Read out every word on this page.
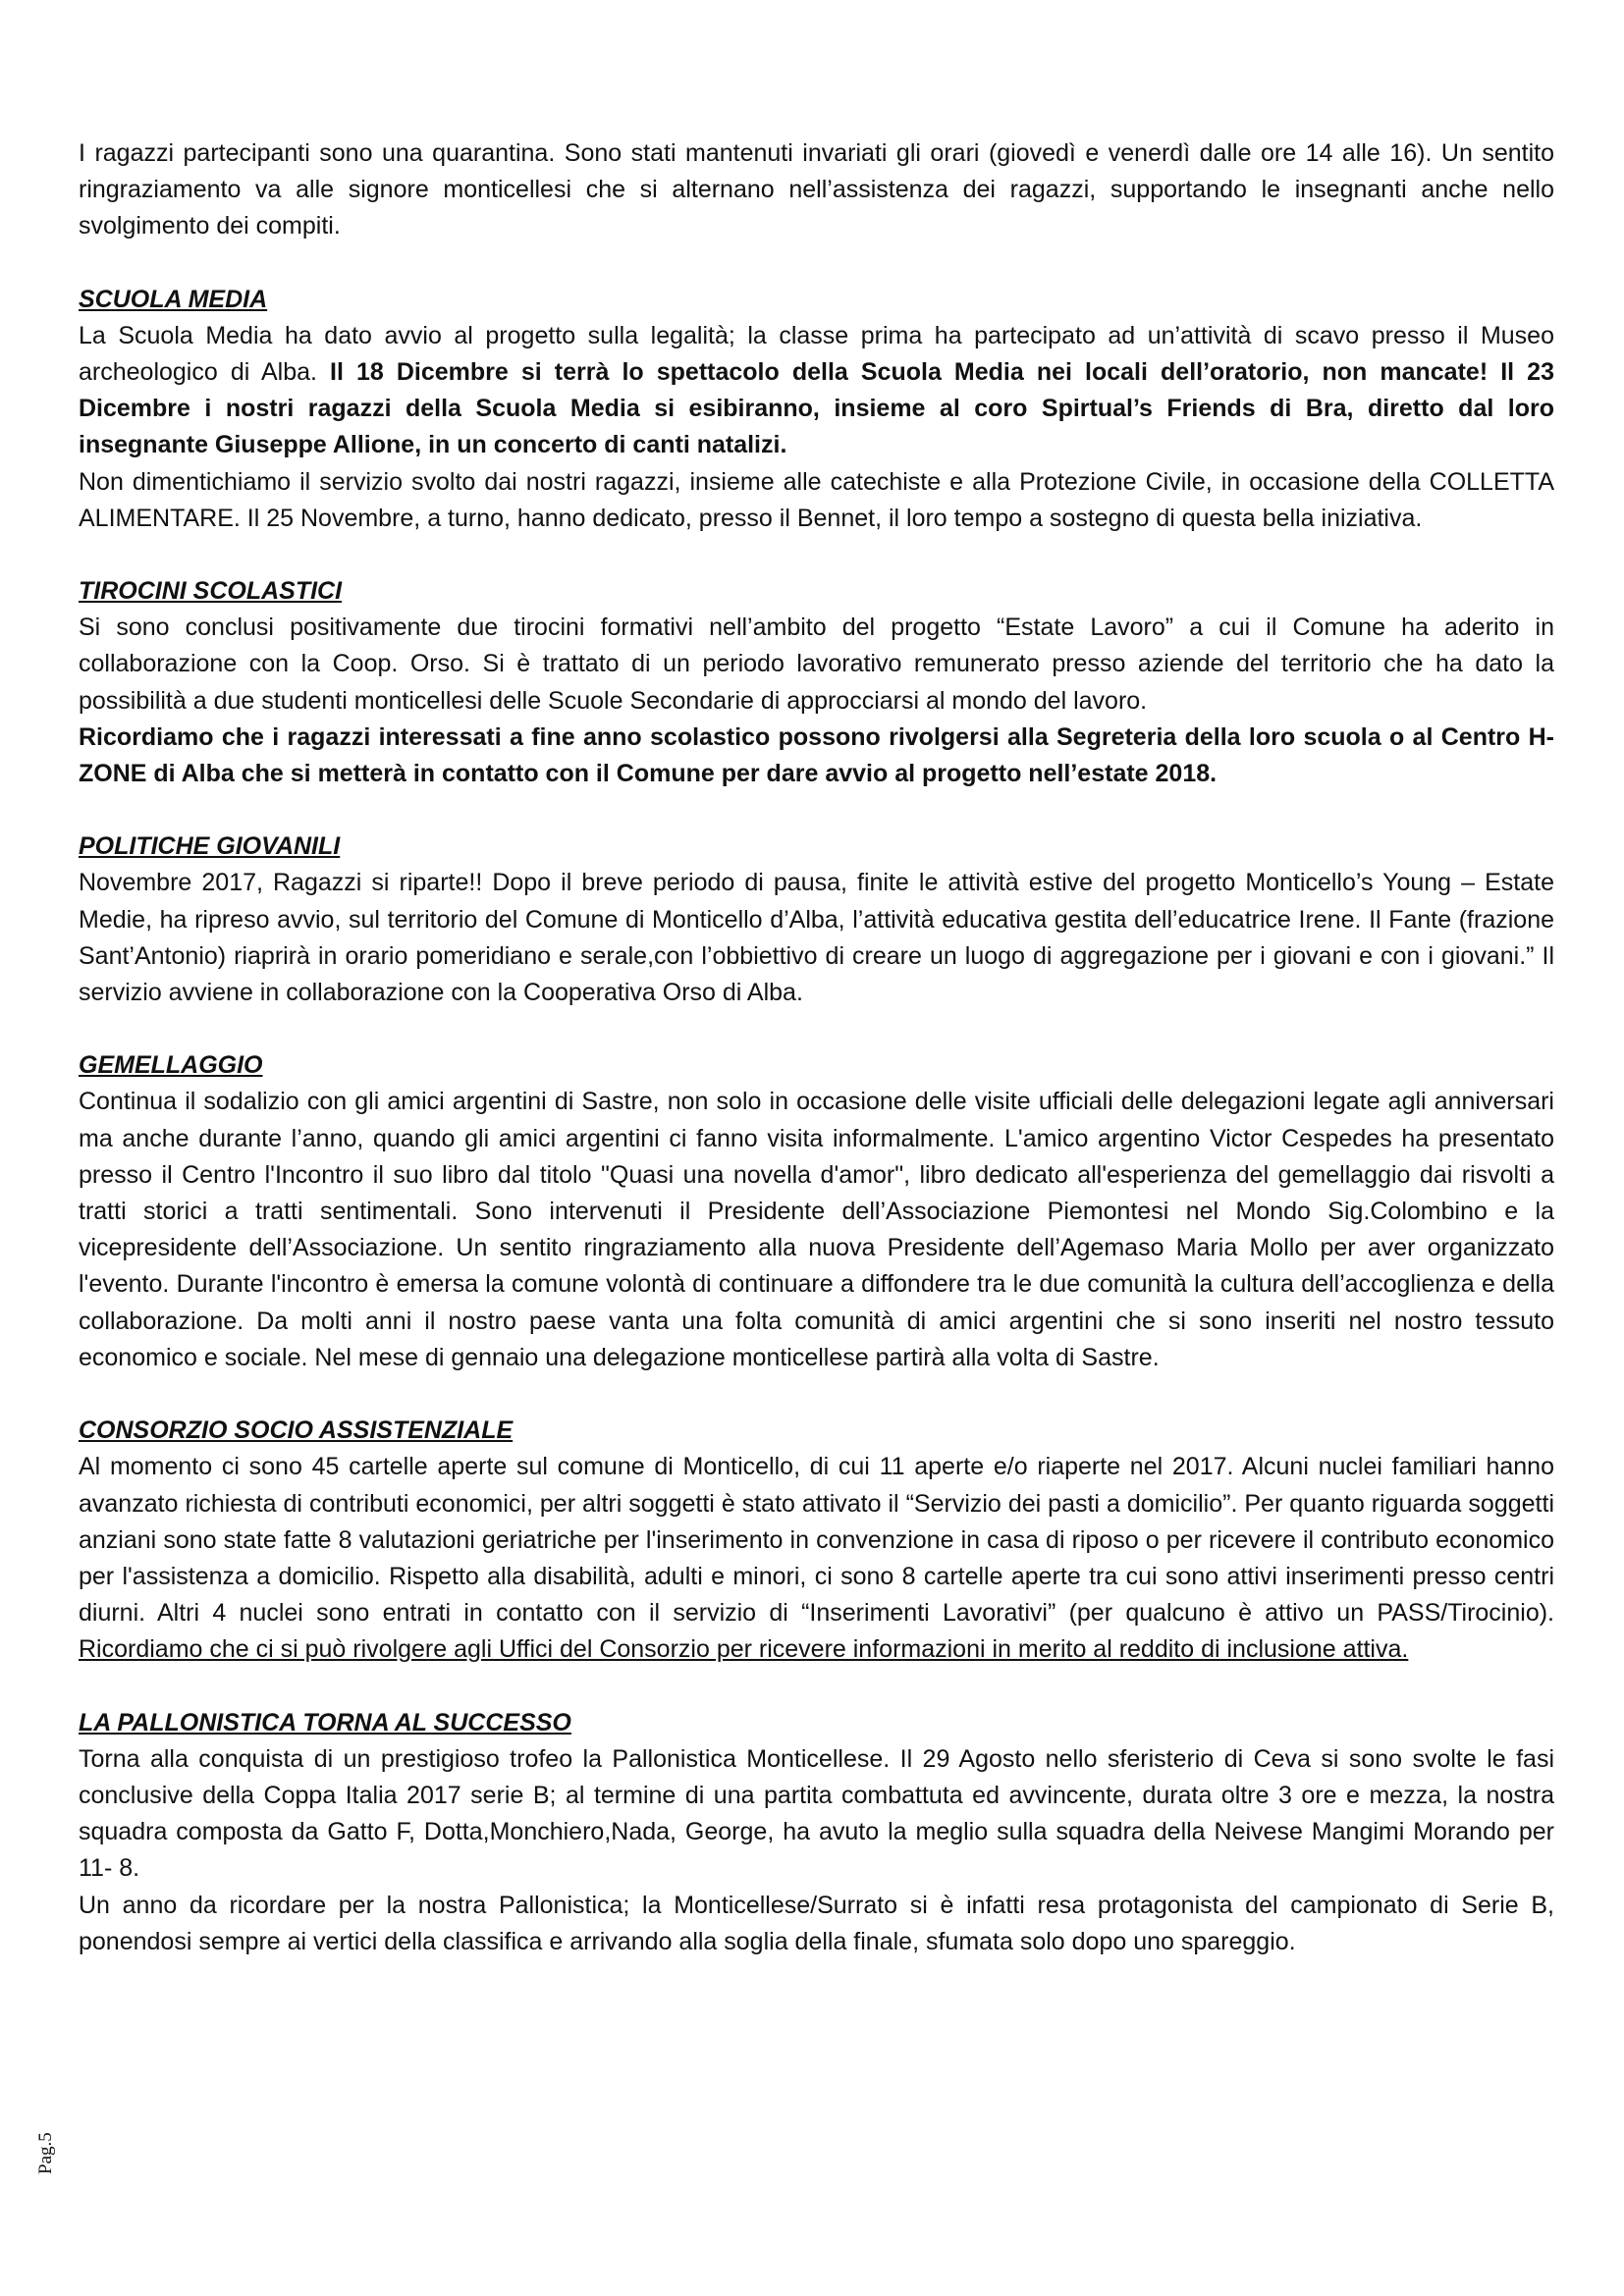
I ragazzi partecipanti sono una quarantina. Sono stati mantenuti invariati gli orari (giovedì e venerdì dalle ore 14 alle 16). Un sentito ringraziamento va alle signore monticellesi che si alternano nell’assistenza dei ragazzi, supportando le insegnanti anche nello svolgimento dei compiti.

SCUOLA MEDIA

La Scuola Media ha dato avvio al progetto sulla legalità; la classe prima ha partecipato ad un’attività di scavo presso il Museo archeologico di Alba. Il 18 Dicembre si terrà lo spettacolo della Scuola Media nei locali dell’oratorio, non mancate! Il 23 Dicembre i nostri ragazzi della Scuola Media si esibiranno, insieme al coro Spirtual’s Friends di Bra, diretto dal loro insegnante Giuseppe Allione, in un concerto di canti natalizi.

Non dimentichiamo il servizio svolto dai nostri ragazzi, insieme alle catechiste e alla Protezione Civile, in occasione della COLLETTA ALIMENTARE. Il 25 Novembre, a turno, hanno dedicato, presso il Bennet, il loro tempo a sostegno di questa bella iniziativa.

TIROCINI SCOLASTICI

Si sono conclusi positivamente due tirocini formativi nell’ambito del progetto “Estate Lavoro” a cui il Comune ha aderito in collaborazione con la Coop. Orso. Si è trattato di un periodo lavorativo remunerato presso aziende del territorio che ha dato la possibilità a due studenti monticellesi delle Scuole Secondarie di approcciarsi al mondo del lavoro.

Ricordiamo che i ragazzi interessati a fine anno scolastico possono rivolgersi alla Segreteria della loro scuola o al Centro H-ZONE di Alba che si metterà in contatto con il Comune per dare avvio al progetto nell’estate 2018.

POLITICHE GIOVANILI

Novembre 2017, Ragazzi si riparte!! Dopo il breve periodo di pausa, finite le attività estive del progetto Monticello’s Young – Estate Medie, ha ripreso avvio, sul territorio del Comune di Monticello d’Alba, l’attività educativa gestita dell’educatrice Irene. Il Fante (frazione Sant’Antonio) riaprirà in orario pomeridiano e serale,con l’obbiettivo di creare un luogo di aggregazione per i giovani e con i giovani.” Il servizio avviene in collaborazione con la Cooperativa Orso di Alba.

GEMELLAGGIO

Continua il sodalizio con gli amici argentini di Sastre, non solo in occasione delle visite ufficiali delle delegazioni legate agli anniversari ma anche durante l’anno, quando gli amici argentini ci fanno visita informalmente. L'amico argentino Victor Cespedes ha presentato presso il Centro l'Incontro il suo libro dal titolo "Quasi una novella d'amor", libro dedicato all'esperienza del gemellaggio dai risvolti a tratti storici a tratti sentimentali. Sono intervenuti il Presidente dell’Associazione Piemontesi nel Mondo Sig.Colombino e la vicepresidente dell’Associazione. Un sentito ringraziamento alla nuova Presidente dell’Agemaso Maria Mollo per aver organizzato l'evento. Durante l'incontro è emersa la comune volontà di continuare a diffondere tra le due comunità la cultura dell’accoglienza e della collaborazione. Da molti anni il nostro paese vanta una folta comunità di amici argentini che si sono inseriti nel nostro tessuto economico e sociale. Nel mese di gennaio una delegazione monticellese partirà alla volta di Sastre.

CONSORZIO SOCIO ASSISTENZIALE

Al momento ci sono 45 cartelle aperte sul comune di Monticello, di cui 11 aperte e/o riaperte nel 2017. Alcuni nuclei familiari hanno avanzato richiesta di contributi economici, per altri soggetti è stato attivato il “Servizio dei pasti a domicilio”. Per quanto riguarda soggetti anziani sono state fatte 8 valutazioni geriatriche per l'inserimento in convenzione in casa di riposo o per ricevere il contributo economico per l'assistenza a domicilio. Rispetto alla disabilità, adulti e minori, ci sono 8 cartelle aperte tra cui sono attivi inserimenti presso centri diurni. Altri 4 nuclei sono entrati in contatto con il servizio di “Inserimenti Lavorativi” (per qualcuno è attivo un PASS/Tirocinio). Ricordiamo che ci si può rivolgere agli Uffici del Consorzio per ricevere informazioni in merito al reddito di inclusione attiva.

LA PALLONISTICA TORNA AL SUCCESSO

Torna alla conquista di un prestigioso trofeo la Pallonistica Monticellese. Il 29 Agosto nello sferisterio di Ceva si sono svolte le fasi conclusive della Coppa Italia 2017 serie B; al termine di una partita combattuta ed avvincente, durata oltre 3 ore e mezza, la nostra squadra composta da Gatto F, Dotta,Monchiero,Nada, George, ha avuto la meglio sulla squadra della Neivese Mangimi Morando per 11- 8.

Un anno da ricordare per la nostra Pallonistica; la Monticellese/Surrato si è infatti resa protagonista del campionato di Serie B, ponendosi sempre ai vertici della classifica e arrivando alla soglia della finale, sfumata solo dopo uno spareggio.

Pag.5
